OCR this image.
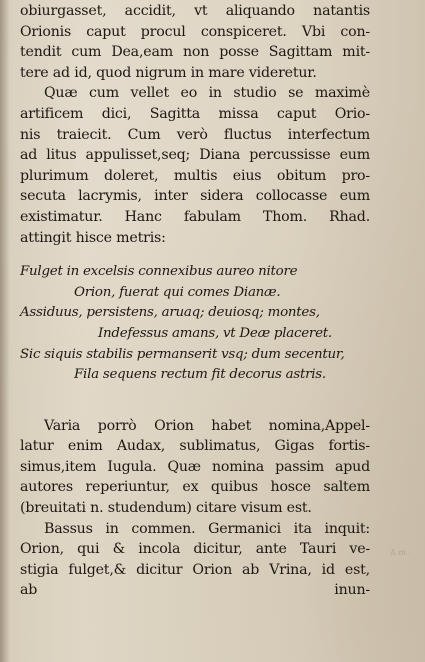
obiurgasset, accidit, vt aliquando natantis
Orionis caput procul conspiceret. Vbi con-
tendit cum Dea,eam non posse Sagittam mit-
tere ad id, quod nigrum in mare videretur.
Quæ cum vellet eo in studio se maximè
artificem dici, Sagitta missa caput Orio-
nis traiecit. Cum verò fluctus interfectum
ad litus appulisset,seq; Diana percussisse eum
plurimum doleret, multis eius obitum pro-
secuta lacrymis, inter sidera collocasse eum
existimatur. Hanc fabulam Thom. Rhad.
attingit hisce metris:
Fulget in excelsis connexibus aureo nitore
Orion, fuerat qui comes Dianæ.
Assiduus, persistens, aruaq; deuiosq; montes,
Indefessus amans, vt Deæ placeret.
Sic siquis stabilis permanserit vsq; dum secentur,
Fila sequens rectum fit decorus astris.
Varia porrò Orion habet nomina,Appel-
latur enim Audax, sublimatus, Gigas fortis-
simus,item Iugula. Quæ nomina passim apud
autores reperiuntur, ex quibus hosce saltem
(breuitati n. studendum) citare visum est.
Bassus in commen. Germanici ita inquit:
Orion, qui & incola dicitur, ante Tauri ve-
stigia fulget,& dicitur Orion ab Vrina, id est,
ab inun-
A m ·
